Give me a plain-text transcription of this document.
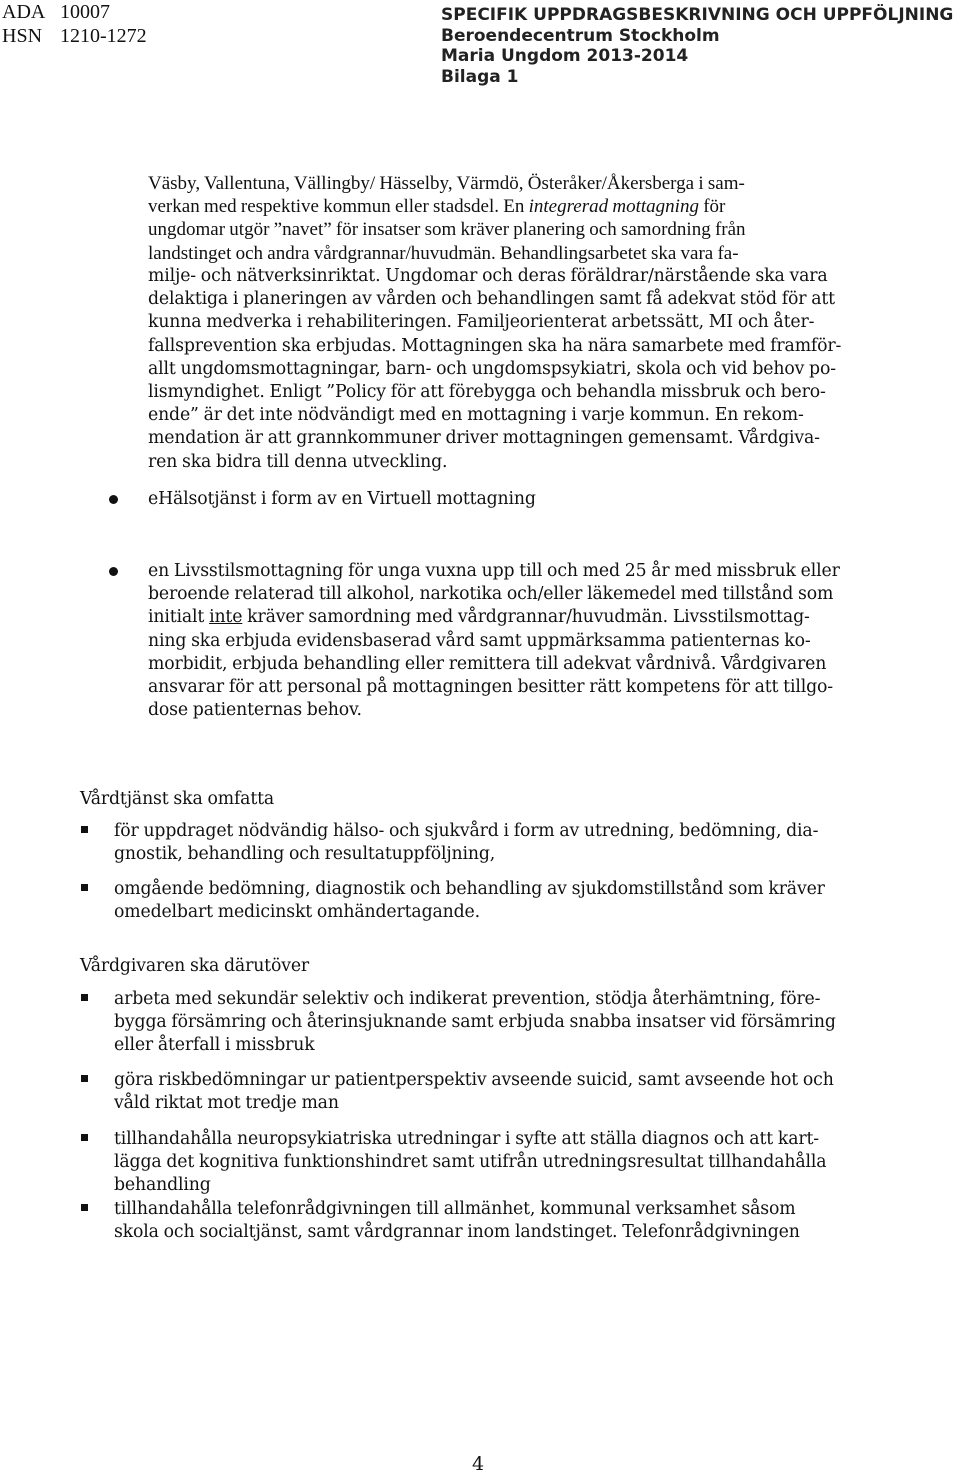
ADA 10007
HSN 1210-1272
SPECIFIK UPPDRAGSBESKRIVNING OCH UPPFÖLJNING
Beroendecentrum Stockholm
Maria Ungdom 2013-2014
Bilaga 1
Väsby, Vallentuna, Vällingby/ Hässelby, Värmdö, Österåker/Åkersberga i sam-
verkan med respektive kommun eller stadsdel. En integrerad mottagning för
ungdomar utgör ”navet” för insatser som kräver planering och samordning från
landstinget och andra vårdgrannar/huvudmän. Behandlingsarbetet ska vara fa-
milje- och nätverksinriktat. Ungdomar och deras föräldrar/närstående ska vara
delaktiga i planeringen av vården och behandlingen samt få adekvat stöd för att
kunna medverka i rehabiliteringen. Familjeorienterat arbetssätt, MI och åter-
fallsprevention ska erbjudas. Mottagningen ska ha nära samarbete med framför-
allt ungdomsmottagningar, barn- och ungdomspsykiatri, skola och vid behov po-
lismyndighet. Enligt ”Policy för att förebygga och behandla missbruk och bero-
ende” är det inte nödvändigt med en mottagning i varje kommun. En rekom-
mendation är att grannkommuner driver mottagningen gemensamt. Vårdgiva-
ren ska bidra till denna utveckling.
eHälsotjänst i form av en Virtuell mottagning
en Livsstilsmottagning för unga vuxna upp till och med 25 år med missbruk eller
beroende relaterad till alkohol, narkotika och/eller läkemedel med tillstånd som
initialt inte kräver samordning med vårdgrannar/huvudmän. Livsstilsmottag-
ning ska erbjuda evidensbaserad vård samt uppmärksamma patienternas ko-
morbidit, erbjuda behandling eller remittera till adekvat vårdnivå. Vårdgivaren
ansvarar för att personal på mottagningen besitter rätt kompetens för att tillgo-
dose patienternas behov.
Vårdtjänst ska omfatta
för uppdraget nödvändig hälso- och sjukvård i form av utredning, bedömning, dia-
gnostik, behandling och resultatuppföljning,
omgående bedömning, diagnostik och behandling av sjukdomstillstånd som kräver
omedelbart medicinskt omhändertagande.
Vårdgivaren ska därutöver
arbeta med sekundär selektiv och indikerat prevention, stödja återhämtning, före-
bygga försämring och återinsjuknande samt erbjuda snabba insatser vid försämring
eller återfall i missbruk
göra riskbedömningar ur patientperspektiv avseende suicid, samt avseende hot och
våld riktat mot tredje man
tillhandahålla neuropsykiatriska utredningar i syfte att ställa diagnos och att kart-
lägga det kognitiva funktionshindret samt utifrån utredningsresultat tillhandahålla
behandling
tillhandahålla telefonrådgivningen till allmänhet, kommunal verksamhet såsom
skola och socialtjänst, samt vårdgrannar inom landstinget. Telefonrådgivningen
4
